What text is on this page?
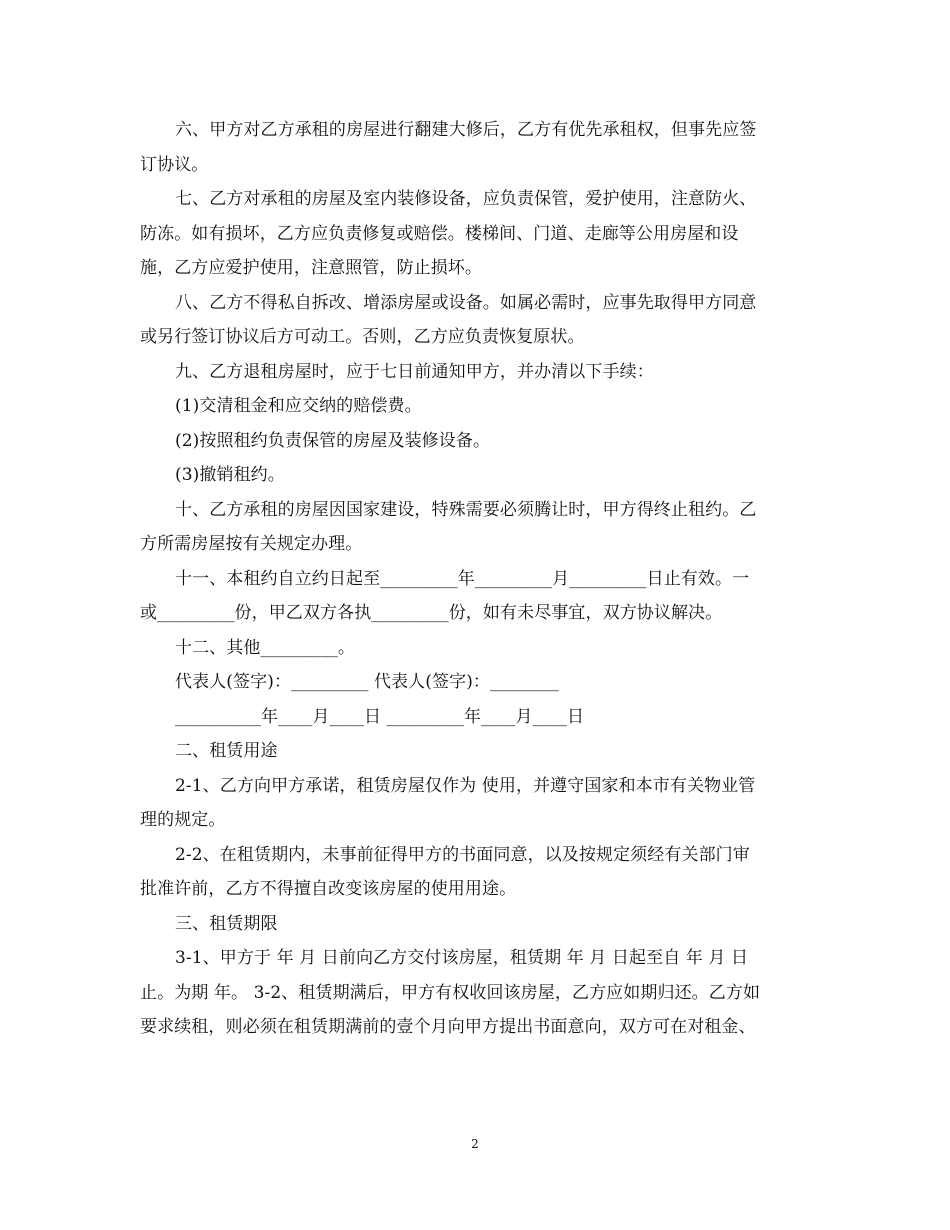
六、甲方对乙方承租的房屋进行翻建大修后，乙方有优先承租权，但事先应签

订协议。

七、乙方对承租的房屋及室内装修设备，应负责保管，爱护使用，注意防火、

防冻。如有损坏，乙方应负责修复或赔偿。楼梯间、门道、走廊等公用房屋和设

施，乙方应爱护使用，注意照管，防止损坏。

八、乙方不得私自拆改、增添房屋或设备。如属必需时，应事先取得甲方同意

或另行签订协议后方可动工。否则，乙方应负责恢复原状。

九、乙方退租房屋时，应于七日前通知甲方，并办清以下手续：

(1)交清租金和应交纳的赔偿费。

(2)按照租约负责保管的房屋及装修设备。

(3)撤销租约。

十、乙方承租的房屋因国家建设，特殊需要必须腾让时，甲方得终止租约。乙

方所需房屋按有关规定办理。

十一、本租约自立约日起至_________年_________月_________日止有效。一

或_________份，甲乙双方各执_________份，如有未尽事宜，双方协议解决。

十二、其他_________。

代表人(签字)：_________ 代表人(签字)：________

__________年____月____日 _________年____月____日

二、租赁用途

2-1、乙方向甲方承诺，租赁房屋仅作为 使用，并遵守国家和本市有关物业管

理的规定。

2-2、在租赁期内，未事前征得甲方的书面同意，以及按规定须经有关部门审

批准许前，乙方不得擅自改变该房屋的使用用途。

三、租赁期限

3-1、甲方于 年 月 日前向乙方交付该房屋，租赁期 年 月 日起至自 年 月 日

止。为期 年。 3-2、租赁期满后，甲方有权收回该房屋，乙方应如期归还。乙方如

要求续租，则必须在租赁期满前的壹个月向甲方提出书面意向，双方可在对租金、

2
